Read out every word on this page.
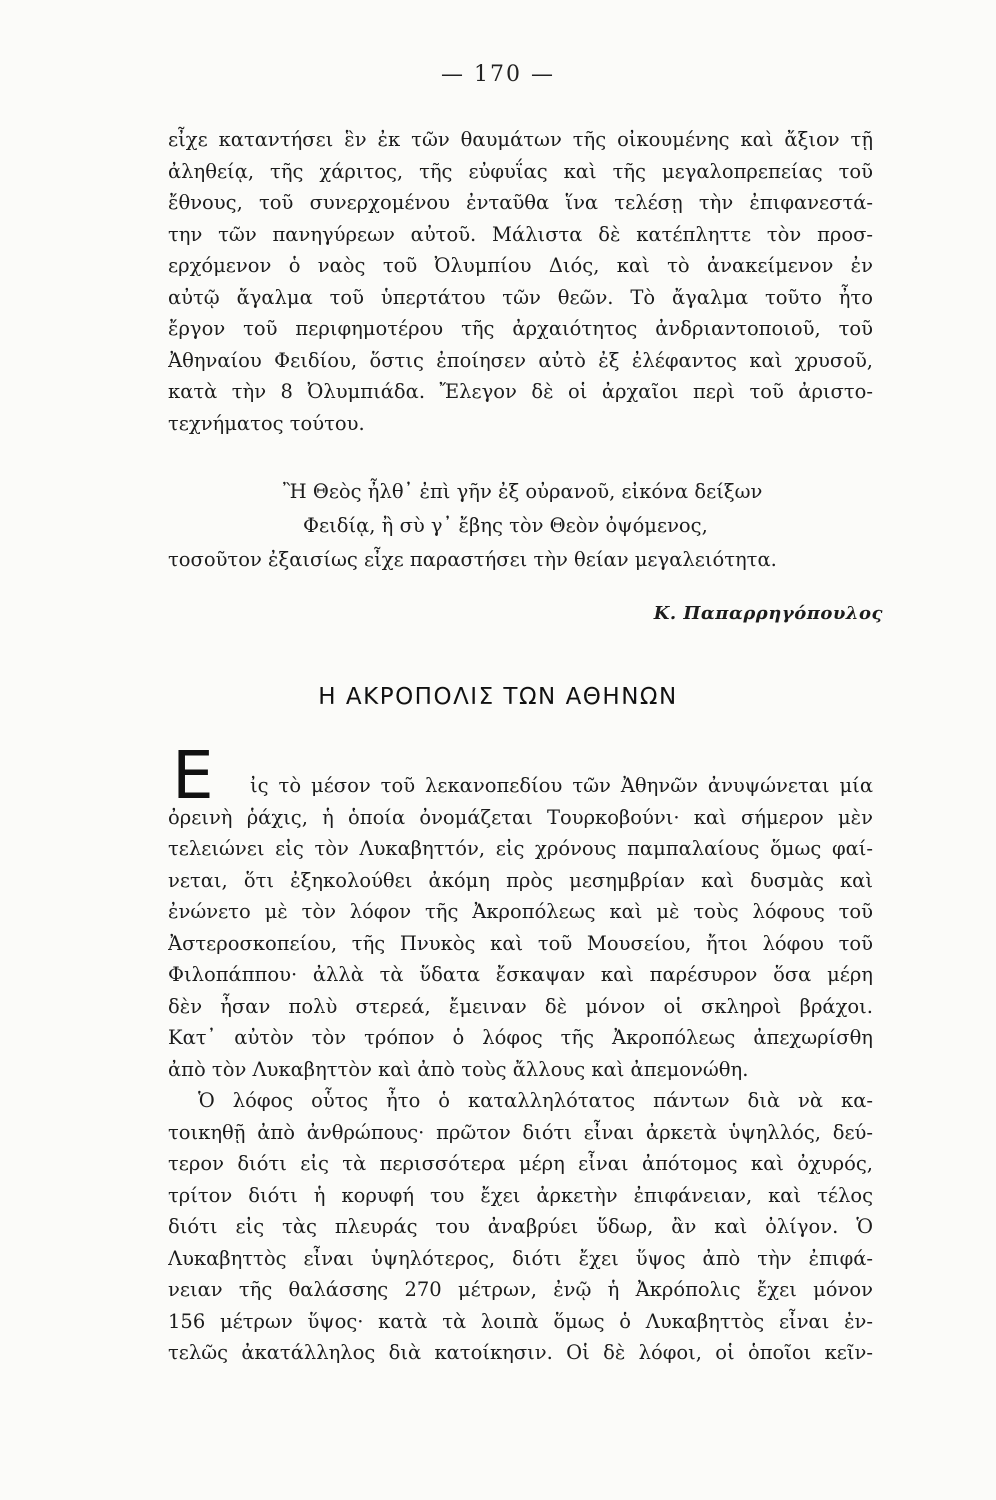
— 170 —
εἶχε καταντήσει ἓν ἐκ τῶν θαυμάτων τῆς οἰκουμένης καὶ ἄξιον τῇ
ἀληθείᾳ, τῆς χάριτος, τῆς εὐφυΐας καὶ τῆς μεγαλοπρεπείας τοῦ
ἔθνους, τοῦ συνερχομένου ἐνταῦθα ἵνα τελέσῃ τὴν ἐπιφανεστά-
την τῶν πανηγύρεων αὐτοῦ. Μάλιστα δὲ κατέπληττε τὸν προσ-
ερχόμενον ὁ ναὸς τοῦ Ὀλυμπίου Διός, καὶ τὸ ἀνακείμενον ἐν
αὐτῷ ἄγαλμα τοῦ ὑπερτάτου τῶν θεῶν. Τὸ ἄγαλμα τοῦτο ἦτο
ἔργον τοῦ περιφημοτέρου τῆς ἀρχαιότητος ἀνδριαντοποιοῦ, τοῦ
Ἀθηναίου Φειδίου, ὅστις ἐποίησεν αὐτὸ ἐξ ἐλέφαντος καὶ χρυσοῦ,
κατὰ τὴν 8 Ὀλυμπιάδα. Ἔλεγον δὲ οἱ ἀρχαῖοι περὶ τοῦ ἀριστο-
τεχνήματος τούτου.
Ἢ Θεὸς ἦλθ᾿ ἐπὶ γῆν ἐξ οὐρανοῦ, εἰκόνα δείξων
Φειδίᾳ, ἢ σὺ γ᾿ ἔβης τὸν Θεὸν ὀψόμενος,
τοσοῦτον ἐξαισίως εἶχε παραστήσει τὴν θείαν μεγαλειότητα.
Κ. Παπαρρηγόπουλος
Η ΑΚΡΟΠΟΛΙΣ ΤΩΝ ΑΘΗΝΩΝ
Ε	ἰς τὸ μέσον τοῦ λεκανοπεδίου τῶν Ἀθηνῶν ἀνυψώνεται μία
ὀρεινὴ ῥάχις, ἡ ὁποία ὀνομάζεται Τουρκοβούνι· καὶ σήμερον μὲν
τελειώνει εἰς τὸν Λυκαβηττόν, εἰς χρόνους παμπαλαίους ὅμως φαί-
νεται, ὅτι ἐξηκολούθει ἀκόμη πρὸς μεσημβρίαν καὶ δυσμὰς καὶ
ἐνώνετο μὲ τὸν λόφον τῆς Ἀκροπόλεως καὶ μὲ τοὺς λόφους τοῦ
Ἀστεροσκοπείου, τῆς Πνυκὸς καὶ τοῦ Μουσείου, ἤτοι λόφου τοῦ
Φιλοπάππου· ἀλλὰ τὰ ὕδατα ἔσκαψαν καὶ παρέσυρον ὅσα μέρη
δὲν ἦσαν πολὺ στερεά, ἔμειναν δὲ μόνον οἱ σκληροὶ βράχοι.
Κατ᾿ αὐτὸν τὸν τρόπον ὁ λόφος τῆς Ἀκροπόλεως ἀπεχωρίσθη
ἀπὸ τὸν Λυκαβηττὸν καὶ ἀπὸ τοὺς ἄλλους καὶ ἀπεμονώθη.
Ὁ λόφος οὗτος ἦτο ὁ καταλληλότατος πάντων διὰ νὰ κα-
τοικηθῇ ἀπὸ ἀνθρώπους· πρῶτον διότι εἶναι ἀρκετὰ ὑψηλλός, δεύ-
τερον διότι εἰς τὰ περισσότερα μέρη εἶναι ἀπότομος καὶ ὀχυρός,
τρίτον διότι ἡ κορυφή του ἔχει ἀρκετὴν ἐπιφάνειαν, καὶ τέλος
διότι εἰς τὰς πλευράς του ἀναβρύει ὕδωρ, ἂν καὶ ὀλίγον. Ὁ
Λυκαβηττὸς εἶναι ὑψηλότερος, διότι ἔχει ὕψος ἀπὸ τὴν ἐπιφά-
νειαν τῆς θαλάσσης 270 μέτρων, ἐνῷ ἡ Ἀκρόπολις ἔχει μόνον
156 μέτρων ὕψος· κατὰ τὰ λοιπὰ ὅμως ὁ Λυκαβηττὸς εἶναι ἐν-
τελῶς ἀκατάλληλος διὰ κατοίκησιν. Οἱ δὲ λόφοι, οἱ ὁποῖοι κεῖν-
